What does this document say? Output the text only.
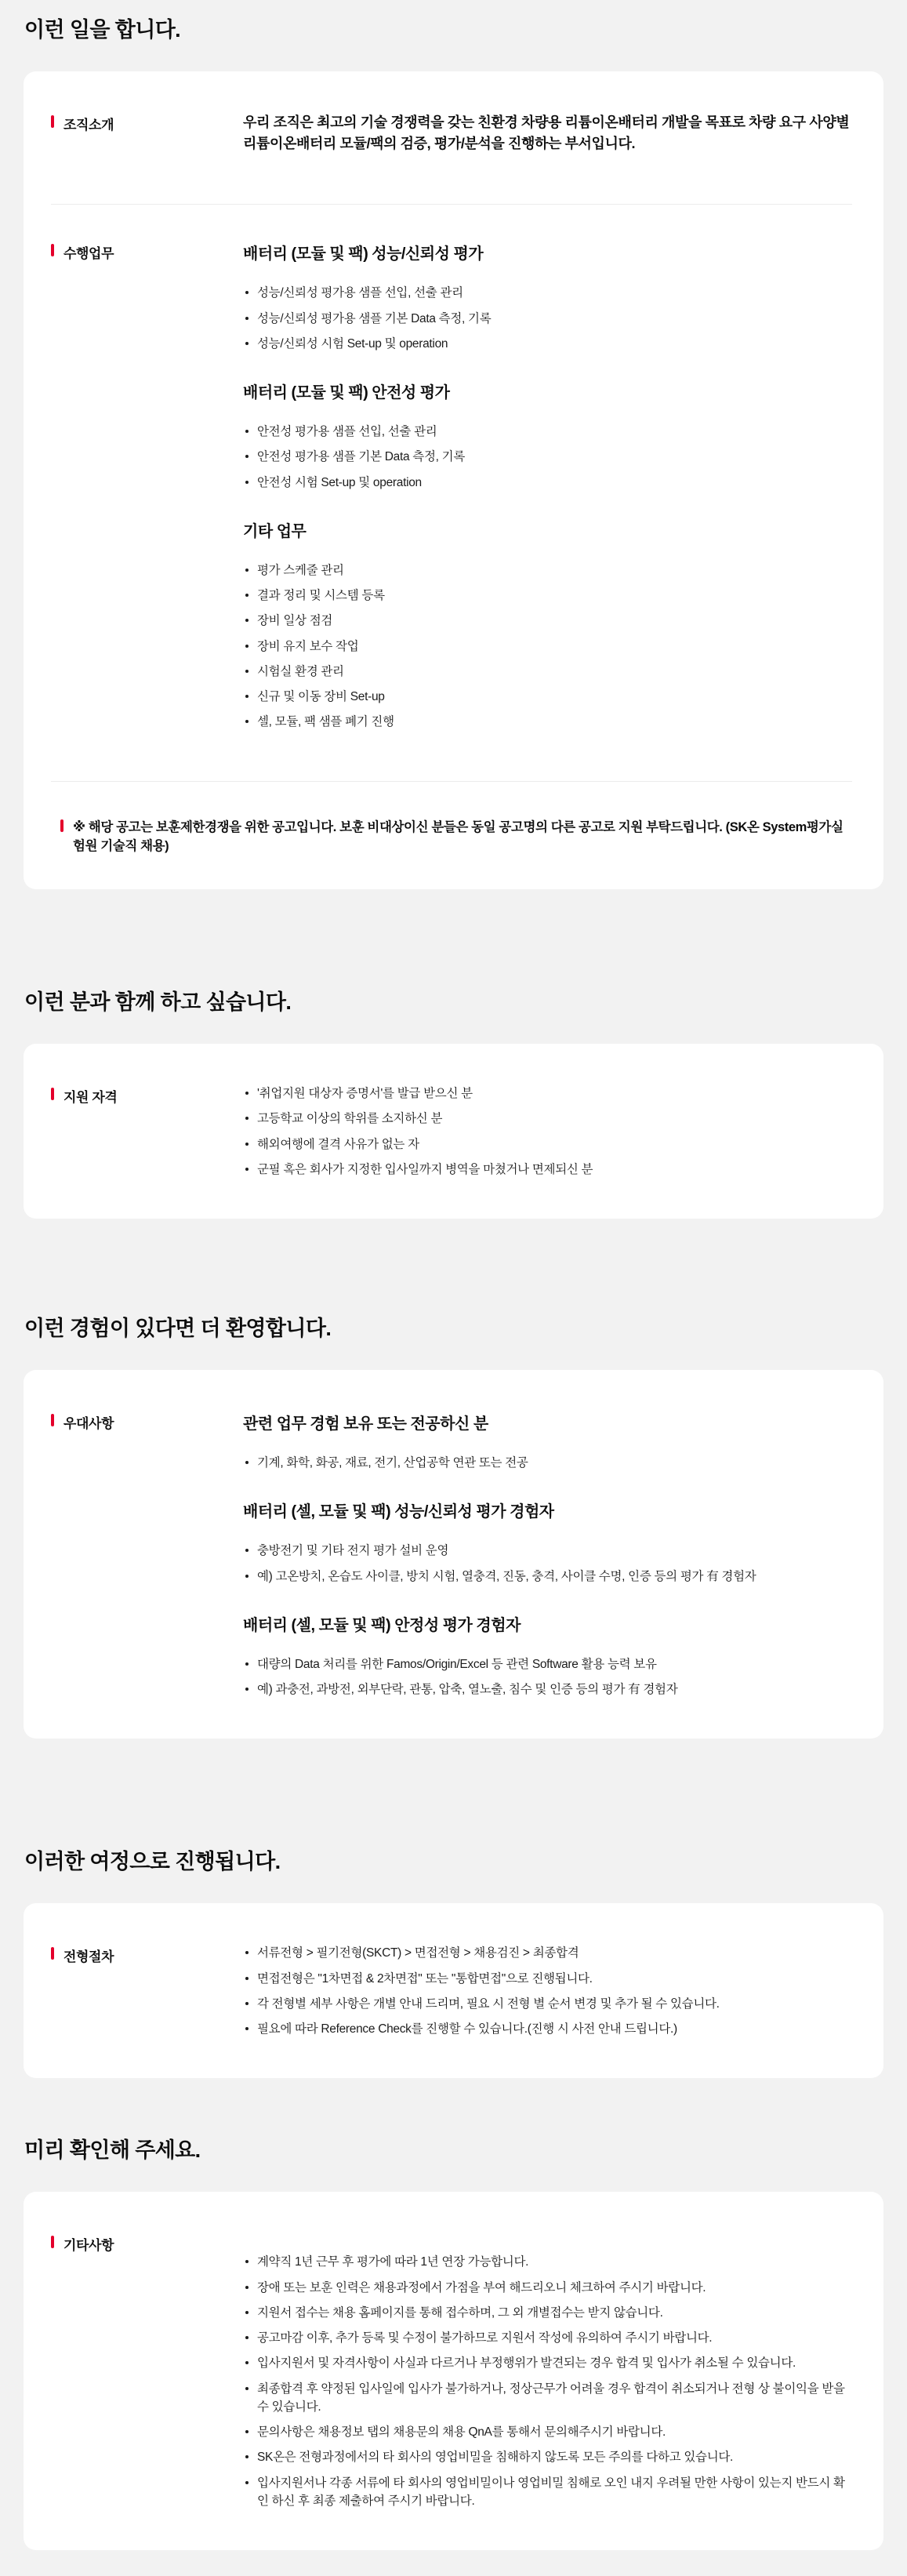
이런 일을 합니다.
조직소개	우리 조직은 최고의 기술 경쟁력을 갖는 친환경 차량용 리튬이온배터리 개발을 목표로 차량 요구 사양별 리튬이온배터리 모듈/팩의 검증, 평가/분석을 진행하는 부서입니다.

수행업무	배터리 (모듈 및 팩) 성능/신뢰성 평가
성능/신뢰성 평가용 샘플 선입, 선출 관리
성능/신뢰성 평가용 샘플 기본 Data 측정, 기록
성능/신뢰성 시험 Set-up 및 operation
배터리 (모듈 및 팩) 안전성 평가
안전성 평가용 샘플 선입, 선출 관리
안전성 평가용 샘플 기본 Data 측정, 기록
안전성 시험 Set-up 및 operation
기타 업무
평가 스케줄 관리
결과 정리 및 시스템 등록
장비 일상 점검
장비 유지 보수 작업
시험실 환경 관리
신규 및 이동 장비 Set-up
셀, 모듈, 팩 샘플 폐기 진행

※ 해당 공고는 보훈제한경쟁을 위한 공고입니다. 보훈 비대상이신 분들은 동일 공고명의 다른 공고로 지원 부탁드립니다. (SK온 System평가실험원 기술직 채용)

이런 분과 함께 하고 싶습니다.
지원 자격	'취업지원 대상자 증명서'를 발급 받으신 분
고등학교 이상의 학위를 소지하신 분
해외여행에 결격 사유가 없는 자
군필 혹은 회사가 지정한 입사일까지 병역을 마쳤거나 면제되신 분
이런 경험이 있다면 더 환영합니다.
우대사항	관련 업무 경험 보유 또는 전공하신 분
기계, 화학, 화공, 재료, 전기, 산업공학 연관 또는 전공
배터리 (셀, 모듈 및 팩) 성능/신뢰성 평가 경험자
충방전기 및 기타 전지 평가 설비 운영
예) 고온방치, 온습도 사이클, 방치 시험, 열충격, 진동, 충격, 사이클 수명, 인증 등의 평가 有 경험자
배터리 (셀, 모듈 및 팩) 안정성 평가 경험자
대량의 Data 처리를 위한 Famos/Origin/Excel 등 관련 Software 활용 능력 보유
예) 과충전, 과방전, 외부단락, 관통, 압축, 열노출, 침수 및 인증 등의 평가 有 경험자
이러한 여정으로 진행됩니다.
전형절차	서류전형 > 필기전형(SKCT) > 면접전형 > 채용검진 > 최종합격
면접전형은 "1차면접 & 2차면접" 또는 "통합면접"으로 진행됩니다.
각 전형별 세부 사항은 개별 안내 드리며, 필요 시 전형 별 순서 변경 및 추가 될 수 있습니다.
필요에 따라 Reference Check를 진행할 수 있습니다.(진행 시 사전 안내 드립니다.)
미리 확인해 주세요.
기타사항
계약직 1년 근무 후 평가에 따라 1년 연장 가능합니다.
장애 또는 보훈 인력은 채용과정에서 가점을 부여 해드리오니 체크하여 주시기 바랍니다.
지원서 접수는 채용 홈페이지를 통해 접수하며, 그 외 개별접수는 받지 않습니다.
공고마감 이후, 추가 등록 및 수정이 불가하므로 지원서 작성에 유의하여 주시기 바랍니다.
입사지원서 및 자격사항이 사실과 다르거나 부정행위가 발견되는 경우 합격 및 입사가 취소될 수 있습니다.
최종합격 후 약정된 입사일에 입사가 불가하거나, 정상근무가 어려울 경우 합격이 취소되거나 전형 상 불이익을 받을 수 있습니다.
문의사항은 채용정보 탭의 채용문의 채용 QnA를 통해서 문의해주시기 바랍니다.
SK온은 전형과정에서의 타 회사의 영업비밀을 침해하지 않도록 모든 주의를 다하고 있습니다.
입사지원서나 각종 서류에 타 회사의 영업비밀이나 영업비밀 침해로 오인 내지 우려될 만한 사항이 있는지 반드시 확인 하신 후 최종 제출하여 주시기 바랍니다.
